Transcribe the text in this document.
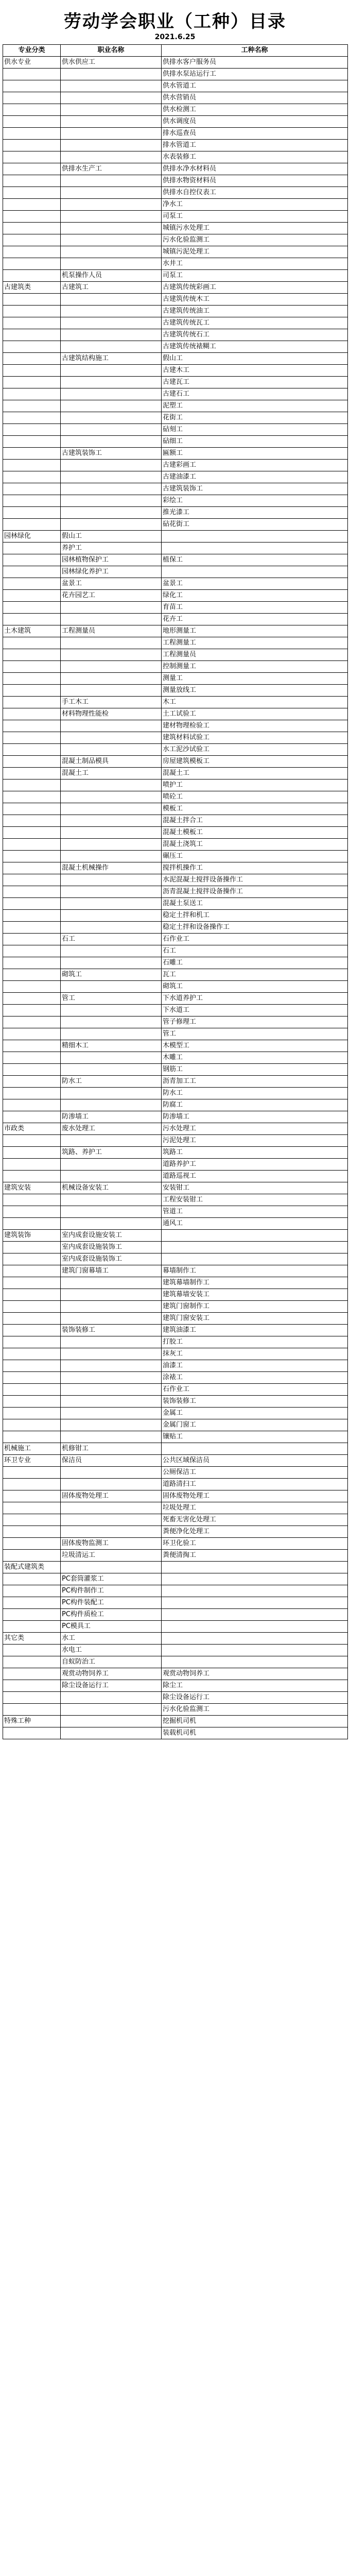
劳动学会职业（工种）目录
2021.6.25
专业分类	职业名称	工种名称
供水专业	供水供应工	供排水客户服务员
		供排水泵站运行工
		供水管道工
		供水营销员
		供水检测工
		供水调度员
		排水巡查员
		排水管道工
		水表装修工
	供排水生产工	供排水净水材料员
		供排水物资材料员
		供排水自控仪表工
		净水工
		司泵工
		城镇污水处理工
		污水化验监测工
		城镇污泥处理工
		水井工
	机泵操作人员	司泵工
古建筑类	古建筑工	古建筑传统彩画工
		古建筑传统木工
		古建筑传统油工
		古建筑传统瓦工
		古建筑传统石工
		古建筑传统裱糊工
	古建筑结构施工	假山工
		古建木工
		古建瓦工
		古建石工
		泥塑工
		花街工
		砧刻工
		砧细工
	古建筑装饰工	匾额工
		古建彩画工
		古建油漆工
		古建筑装饰工
		彩绘工
		推光漆工
		砧花街工
园林绿化	假山工	
	养护工	
	园林植物保护工	植保工
	园林绿化养护工	
	盆景工	盆景工
	花卉园艺工	绿化工
		育苗工
		花卉工
土木建筑	工程测量员	地形测量工
		工程测量工
		工程测量员
		控制测量工
		测量工
		测量放线工
	手工木工	木工
	材料物理性能检	土工试验工
		建材物理检验工
		建筑材料试验工
		水工泥沙试验工
	混凝土制品模具	房屋建筑模板工
	混凝土工	混凝土工
		喷护工
		喷砼工
		模板工
		混凝土拌合工
		混凝土模板工
		混凝土浇筑工
		碾压工
	混凝土机械操作	搅拌机操作工
		水泥混凝土搅拌设备操作工
		沥青混凝土搅拌设备操作工
		混凝土泵送工
		稳定土拌和机工
		稳定土拌和设备操作工
	石工	石作业工
		石工
		石雕工
	砌筑工	瓦工
		砌筑工
	管工	下水道养护工
		下水道工
		管子修理工
		管工
	精细木工	木模型工
		木雕工
		钢筋工
	防水工	沥青加工工
		防水工
		防腐工
	防渗墙工	防渗墙工
市政类	废水处理工	污水处理工
		污泥处理工
	筑路、养护工	筑路工
		道路养护工
		道路巡视工
建筑安装	机械设备安装工	安装钳工
		工程安装钳工
		管道工
		通风工
建筑装饰	室内成套设施安装工	
	室内成套设施装饰工	
	室内成套设施装饰工	
	建筑门窗幕墙工	幕墙制作工
		建筑幕墙制作工
		建筑幕墙安装工
		建筑门窗制作工
		建筑门窗安装工
	装饰装修工	建筑油漆工
		打胶工
		抹灰工
		油漆工
		涂裱工
		石作业工
		装饰装修工
		金属工
		金属门窗工
		镶贴工
机械施工	机修钳工	
环卫专业	保洁员	公共区域保洁员
		公厕保洁工
		道路清扫工
	固体废物处理工	固体废物处理工
		垃圾处理工
		死畜无害化处理工
		粪便净化处理工
	固体废物监测工	环卫化验工
	垃圾清运工	粪便清掏工
装配式建筑类		
	PC套筒灌浆工	
	PC构件制作工	
	PC构件装配工	
	PC构件质检工	
	PC模具工	
其它类	水工	
	水电工	
	自蚁防治工	
	观赏动物饲养工	观赏动物饲养工
	除尘设备运行工	除尘工
		除尘设备运行工
		污水化验监测工
特殊工种		挖掘机司机
		装载机司机
